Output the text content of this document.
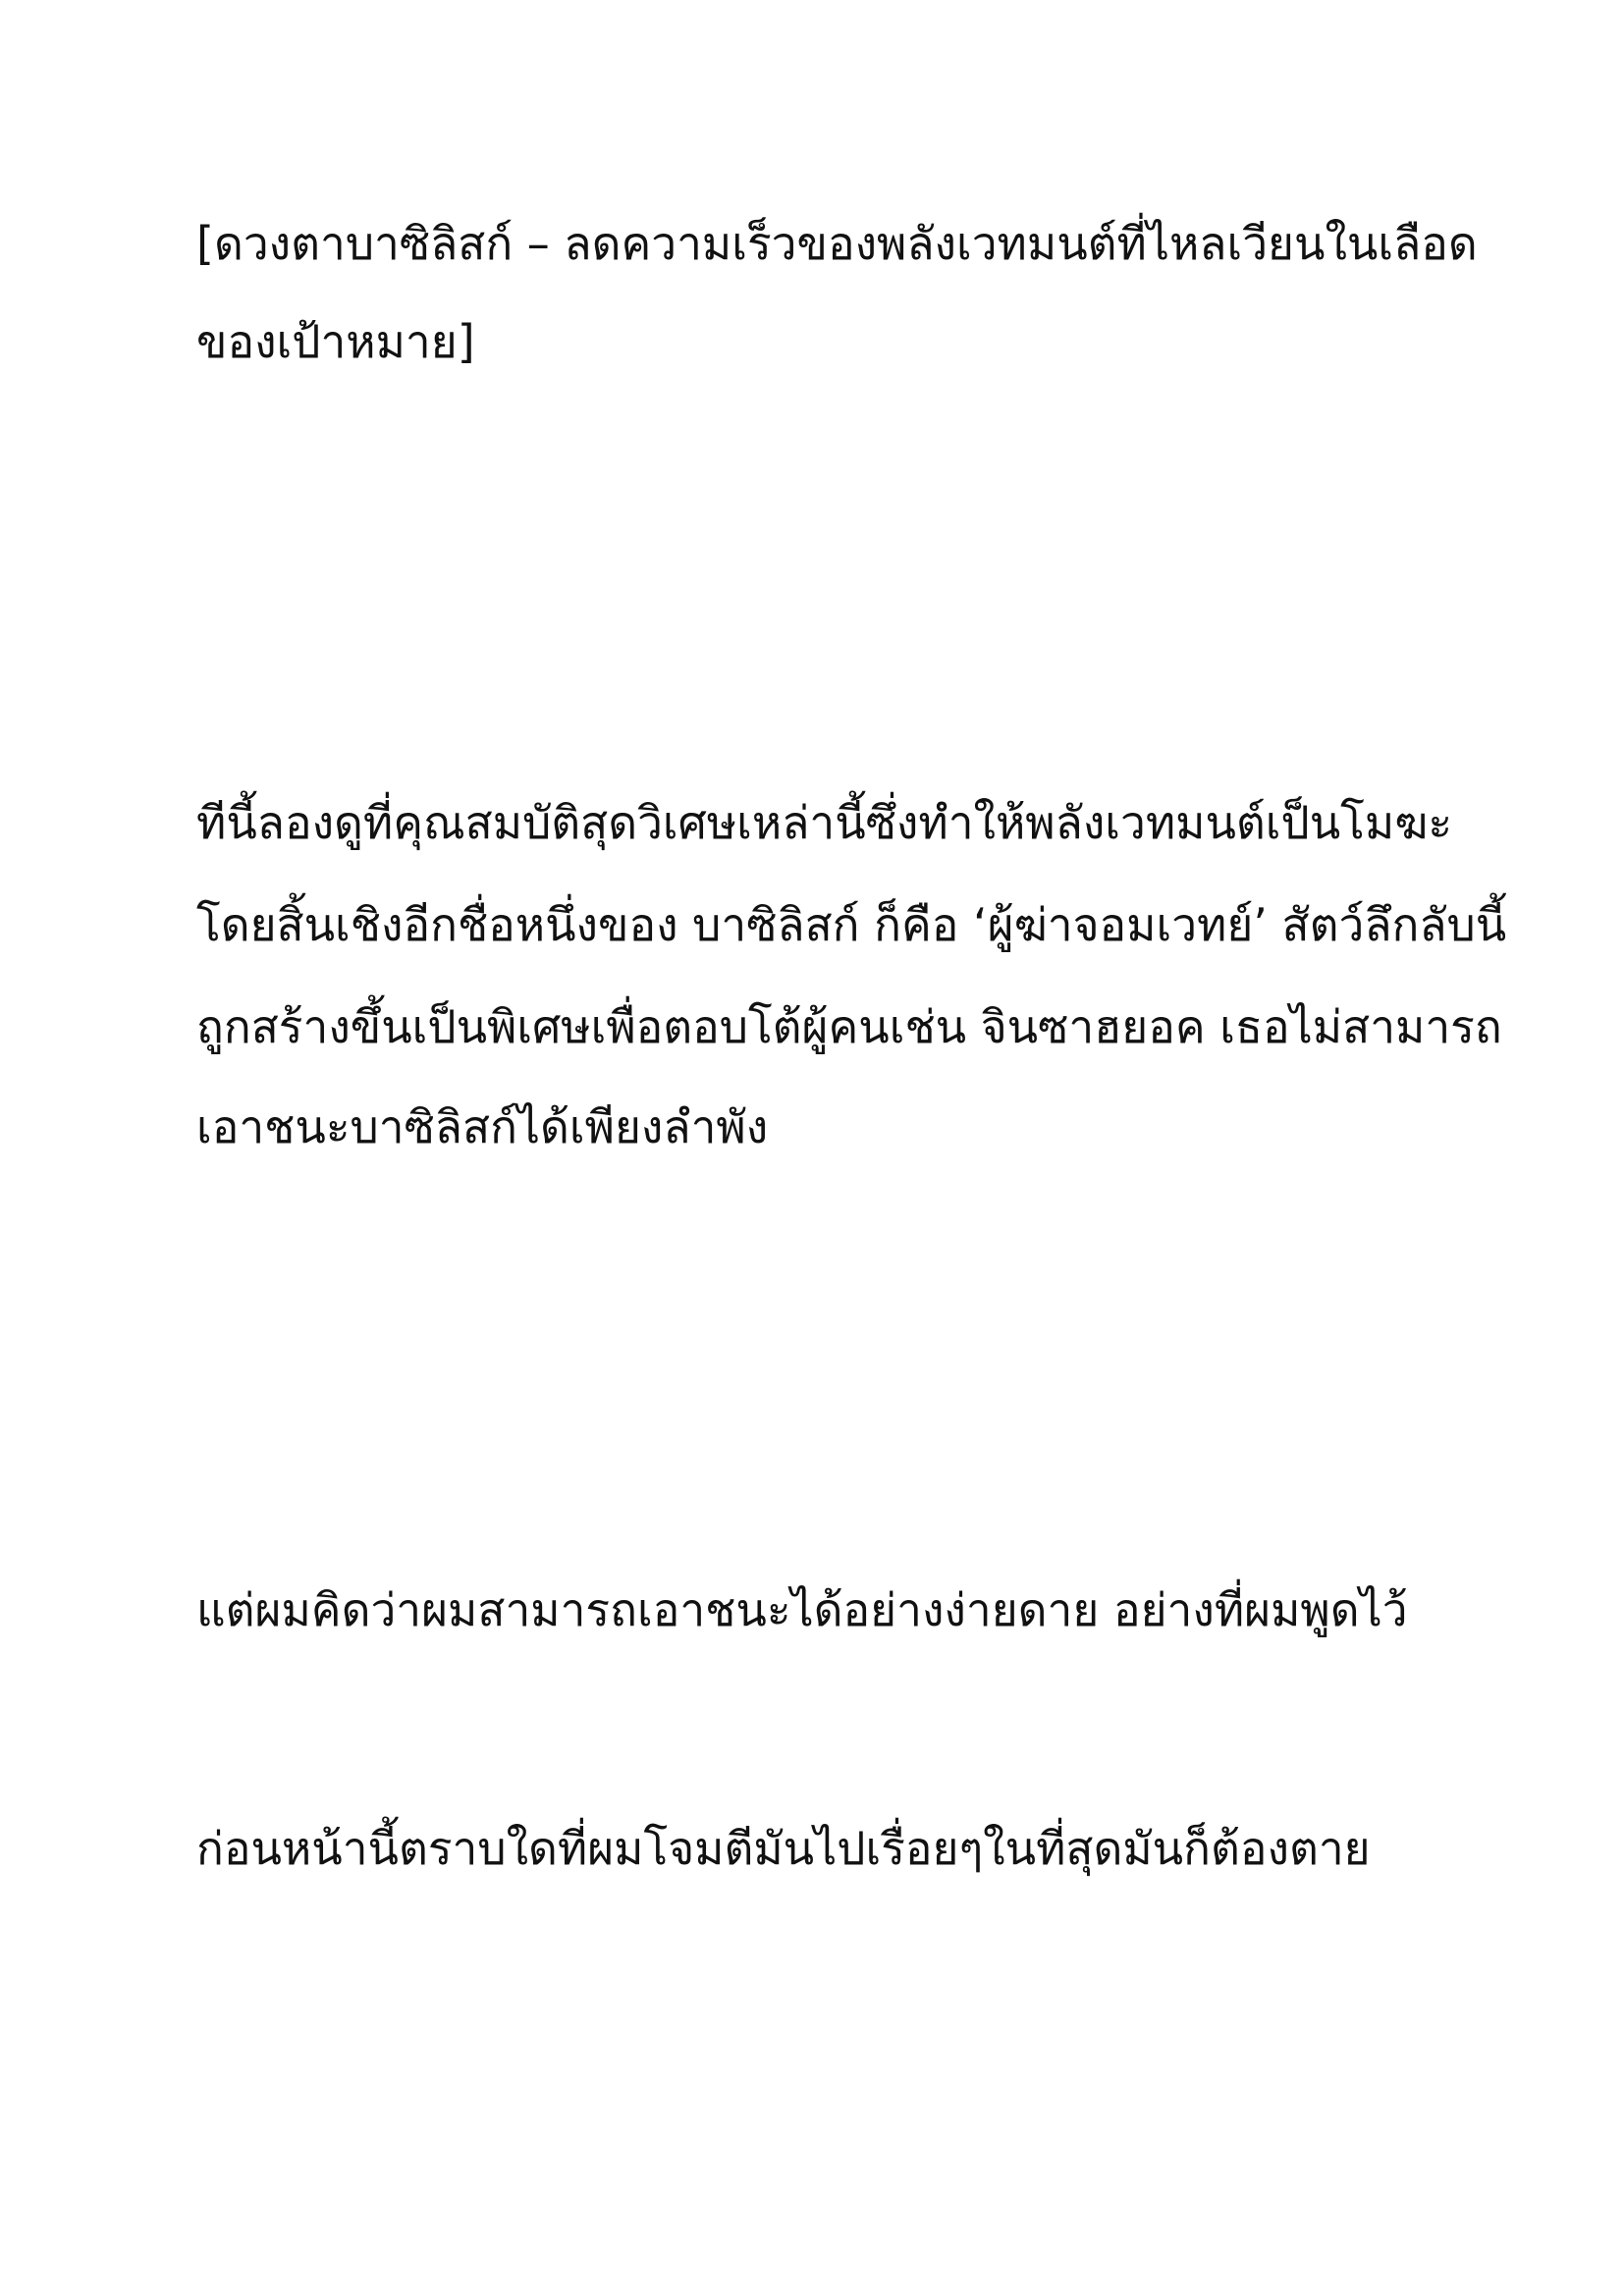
[ดวงตาบาซิลิสก์ – ลดความเร็วของพลังเวทมนต์ที่ไหลเวียนในเลือด

ของเป้าหมาย]

ทีนี้ลองดูที่คุณสมบัติสุดวิเศษเหล่านี้ซึ่งทำให้พลังเวทมนต์เป็นโมฆะ

โดยสิ้นเชิงอีกชื่อหนึ่งของ บาซิลิสก์ ก็คือ ‘ผู้ฆ่าจอมเวทย์’ สัตว์ลึกลับนี้

ถูกสร้างขึ้นเป็นพิเศษเพื่อตอบโต้ผู้คนเช่น จินซาฮยอค เธอไม่สามารถ

เอาชนะบาซิลิสก์ได้เพียงลำพัง

แต่ผมคิดว่าผมสามารถเอาชนะได้อย่างง่ายดาย อย่างที่ผมพูดไว้

ก่อนหน้านี้ตราบใดที่ผมโจมตีมันไปเรื่อยๆในที่สุดมันก็ต้องตาย
